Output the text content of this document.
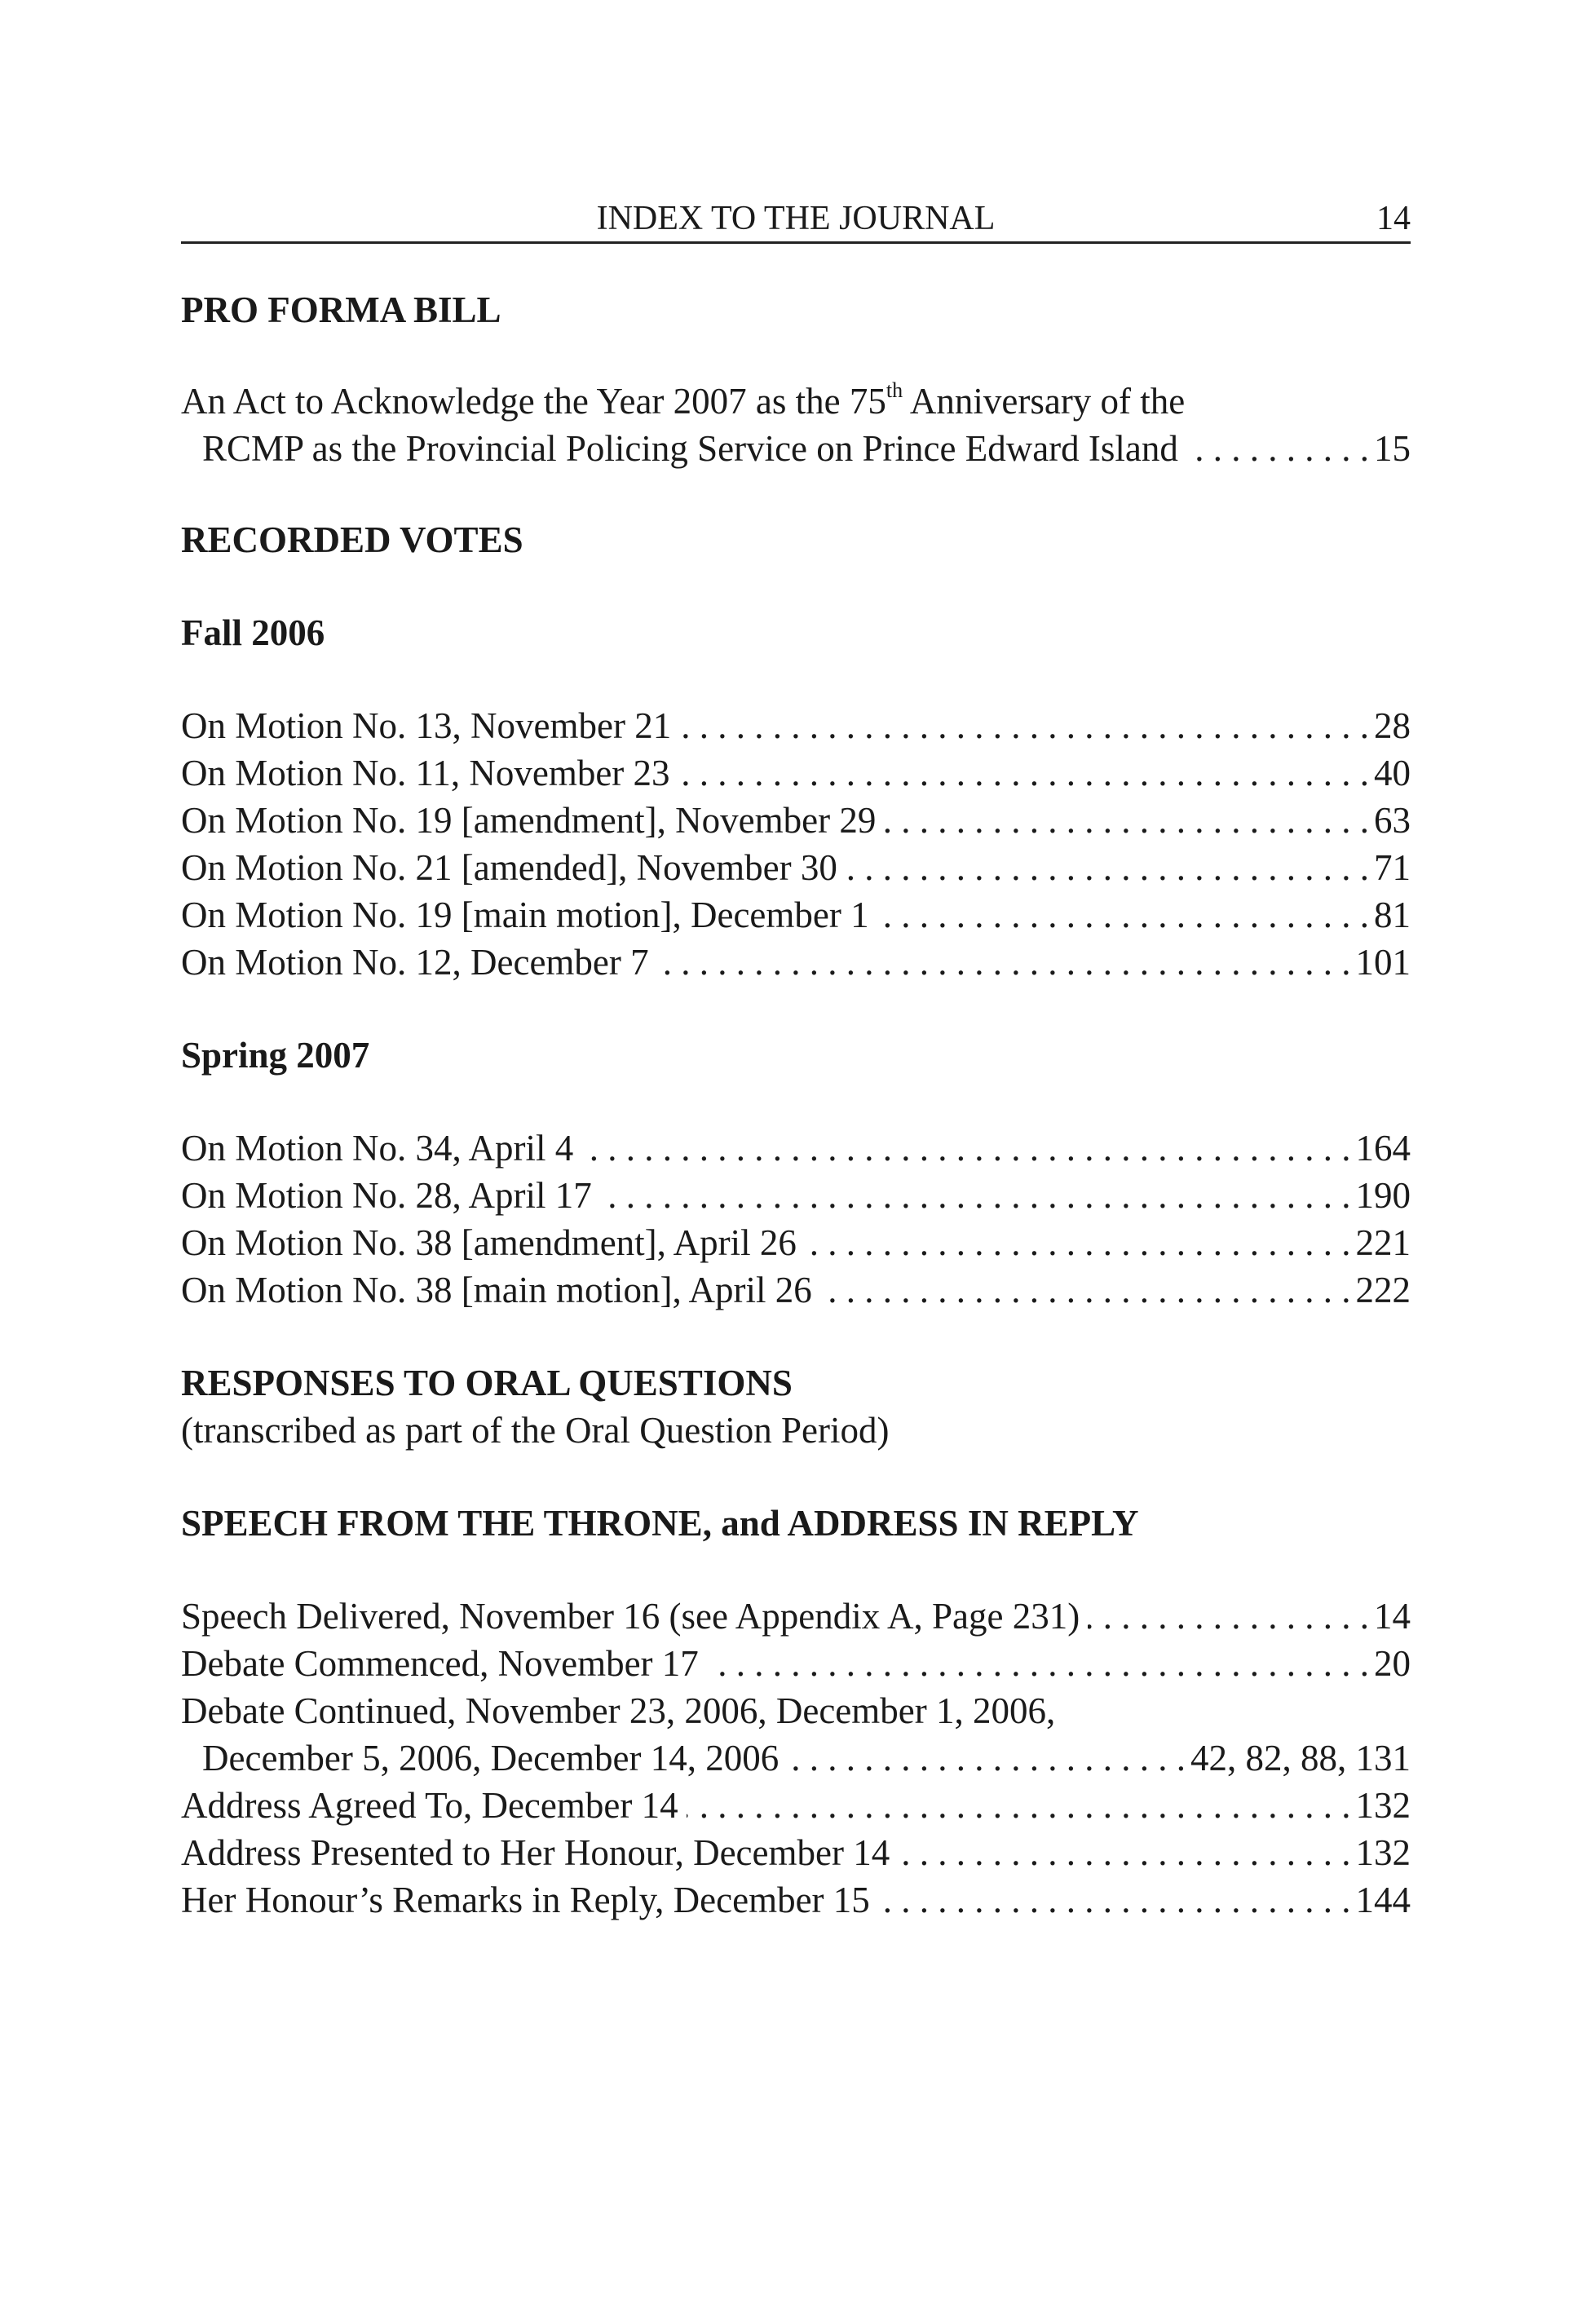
INDEX TO THE JOURNAL	14
PRO FORMA BILL
An Act to Acknowledge the Year 2007 as the 75th Anniversary of the
RCMP as the Provincial Policing Service on Prince Edward Island . . .	15
RECORDED VOTES
Fall 2006
On Motion No. 13, November 21 . . .	28
On Motion No. 11, November 23 . . .	40
On Motion No. 19 [amendment], November 29 . . .	63
On Motion No. 21 [amended], November 30 . . .	71
On Motion No. 19 [main motion], December 1 . . .	81
On Motion No. 12, December 7 . . .	101
Spring 2007
On Motion No. 34, April 4 . . .	164
On Motion No. 28, April 17 . . .	190
On Motion No. 38 [amendment], April 26 . . .	221
On Motion No. 38 [main motion], April 26 . . .	222
RESPONSES TO ORAL QUESTIONS

(transcribed as part of the Oral Question Period)

SPEECH FROM THE THRONE, and ADDRESS IN REPLY
Speech Delivered, November 16 (see Appendix A, Page 231) . . .	14
Debate Commenced, November 17 . . .	20
Debate Continued, November 23, 2006, December 1, 2006,
December 5, 2006, December 14, 2006 . . .	42, 82, 88, 131
Address Agreed To, December 14 . . .	132
Address Presented to Her Honour, December 14 . . .	132
Her Honour’s Remarks in Reply, December 15 . . .	144
